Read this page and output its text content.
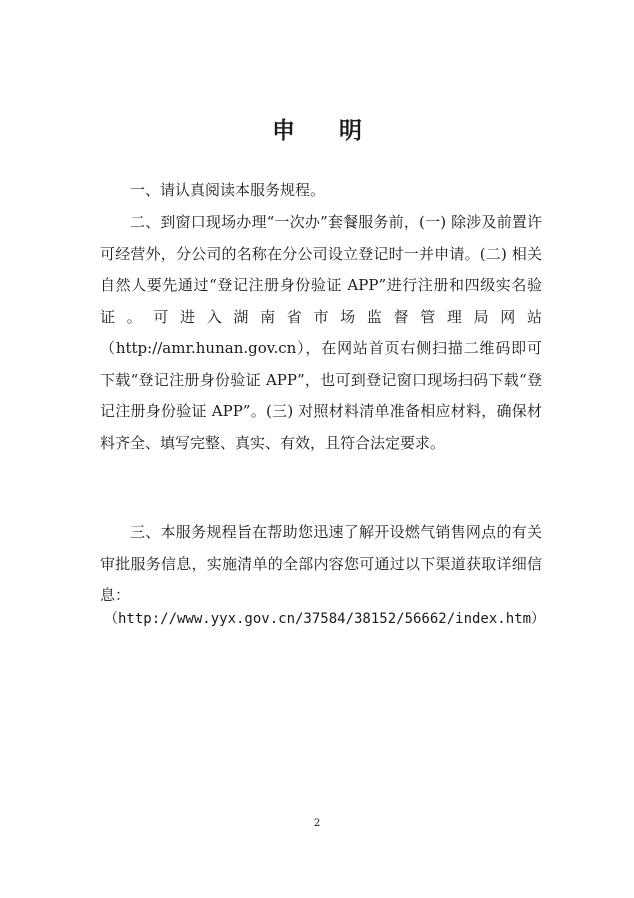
申 明

一、请认真阅读本服务规程。

二、到窗口现场办理“一次办”套餐服务前，(一) 除涉及前置许可经营外，分公司的名称在分公司设立登记时一并申请。(二) 相关自然人要先通过“登记注册身份验证 APP”进行注册和四级实名验证。可进入湖南省市场监督管理局网站（http://amr.hunan.gov.cn），在网站首页右侧扫描二维码即可下载“登记注册身份验证 APP”，也可到登记窗口现场扫码下载“登记注册身份验证 APP”。(三) 对照材料清单准备相应材料，确保材料齐全、填写完整、真实、有效，且符合法定要求。

三、本服务规程旨在帮助您迅速了解开设燃气销售网点的有关审批服务信息，实施清单的全部内容您可通过以下渠道获取详细信息：

（http://www.yyx.gov.cn/37584/38152/56662/index.htm）
2
